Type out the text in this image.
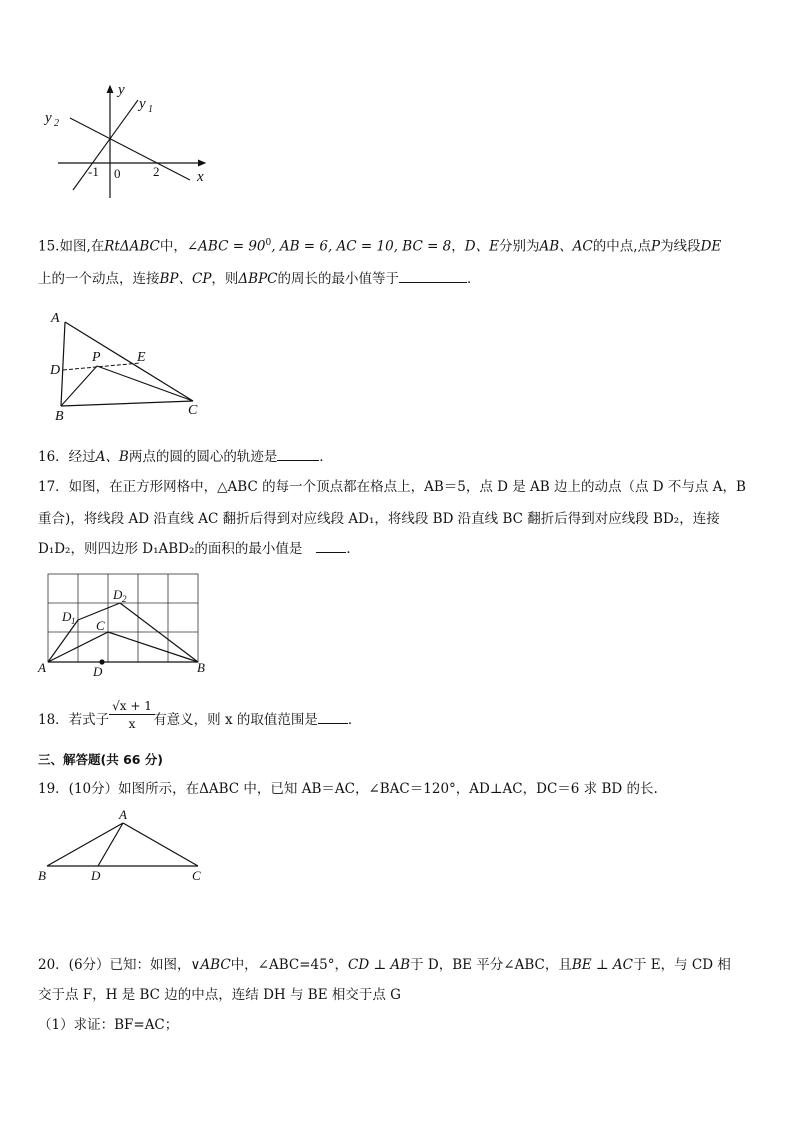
y
x
y 1
y 2
-1 0	2
15.如图,在RtΔABC中，∠ABC = $90^0$, AB = 6, AC = 10, BC = 8，D、E分别为AB、AC的中点,点P为线段DE
上的一个动点，连接BP、CP，则ΔBPC的周长的最小值等于	．
A
D
P	E
B	C
16．经过A、B两点的圆的圆心的轨迹是	．
17．如图，在正方形网格中，△ABC 的每一个顶点都在格点上，AB＝5，点 D 是 AB 边上的动点（点 D 不与点 A，B
重合)，将线段 AD 沿直线 AC 翻折后得到对应线段 AD₁，将线段 BD 沿直线 BC 翻折后得到对应线段 BD₂，连接
D₁D₂，则四边形 D₁ABD₂的面积的最小值是	．
D 2
D 1 C
A	D	B
18．若式子	有意义，则 x 的取值范围是 ．
$\frac{√x + 1}{x}$
三、解答题(共 66 分)
19．(10分）如图所示，在ΔABC 中，已知 AB＝AC，∠BAC＝120°，AD⊥AC，DC＝6 求 BD 的长.
A
B	D	C
20．(6分）已知：如图，∨ABC中，∠ABC=45°，CD ⊥ AB于 D，BE 平分∠ABC，且BE ⊥ AC于 E，与 CD 相
交于点 F，H 是 BC 边的中点，连结 DH 与 BE 相交于点 G
（1）求证：BF=AC；
